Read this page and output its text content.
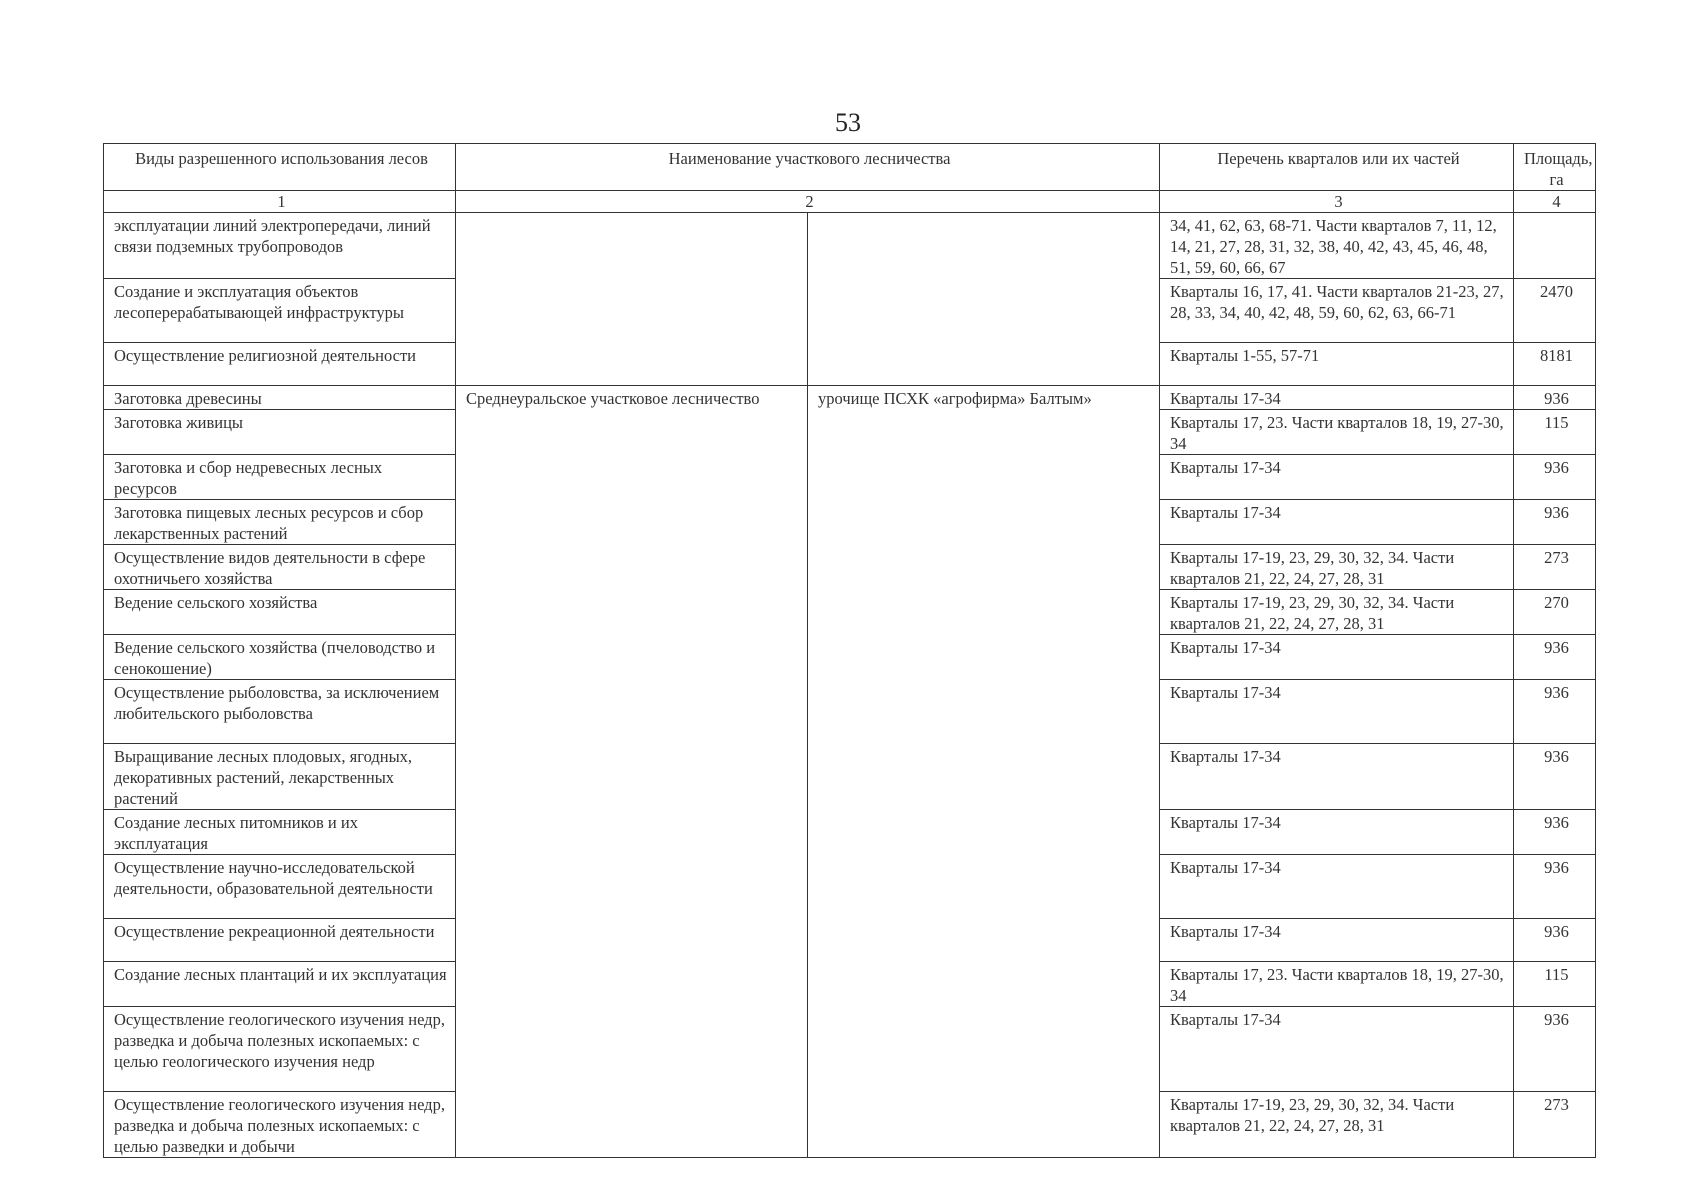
53
Виды разрешенного использования лесов	Наименование участкового лесничества		Перечень кварталов или их частей	Площадь, га
1	2		3	4
эксплуатации линий электропередачи, линий связи подземных трубопроводов			34, 41, 62, 63, 68-71. Части кварталов 7, 11, 12, 14, 21, 27, 28, 31, 32, 38, 40, 42, 43, 45, 46, 48, 51, 59, 60, 66, 67	
Создание и эксплуатация объектов лесоперерабатывающей инфраструктуры			Кварталы 16, 17, 41. Части кварталов 21-23, 27, 28, 33, 34, 40, 42, 48, 59, 60, 62, 63, 66-71	2470
Осуществление религиозной деятельности			Кварталы 1-55, 57-71	8181
Заготовка древесины	Среднеуральское участковое лесничество	урочище ПСХК «агрофирма» Балтым»	Кварталы 17-34	936
Заготовка живицы			Кварталы 17, 23. Части кварталов 18, 19, 27-30, 34	115
Заготовка и сбор недревесных лесных ресурсов			Кварталы 17-34	936
Заготовка пищевых лесных ресурсов и сбор лекарственных растений			Кварталы 17-34	936
Осуществление видов деятельности в сфере охотничьего хозяйства			Кварталы 17-19, 23, 29, 30, 32, 34. Части кварталов 21, 22, 24, 27, 28, 31	273
Ведение сельского хозяйства			Кварталы 17-19, 23, 29, 30, 32, 34. Части кварталов 21, 22, 24, 27, 28, 31	270
Ведение сельского хозяйства (пчеловодство и сенокошение)			Кварталы 17-34	936
Осуществление рыболовства, за исключением любительского рыболовства			Кварталы 17-34	936
Выращивание лесных плодовых, ягодных, декоративных растений, лекарственных растений			Кварталы 17-34	936
Создание лесных питомников и их эксплуатация			Кварталы 17-34	936
Осуществление научно-исследовательской деятельности, образовательной деятельности			Кварталы 17-34	936
Осуществление рекреационной деятельности			Кварталы 17-34	936
Создание лесных плантаций и их эксплуатация			Кварталы 17, 23. Части кварталов 18, 19, 27-30, 34	115
Осуществление геологического изучения недр, разведка и добыча полезных ископаемых: с целью геологического изучения недр			Кварталы 17-34	936
Осуществление геологического изучения недр, разведка и добыча полезных ископаемых: с целью разведки и добычи			Кварталы 17-19, 23, 29, 30, 32, 34. Части кварталов 21, 22, 24, 27, 28, 31	273
